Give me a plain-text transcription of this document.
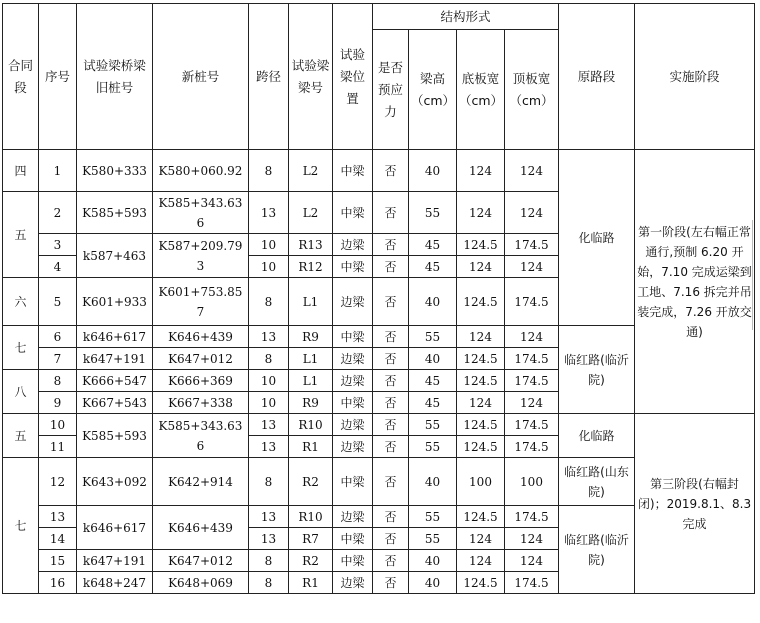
合同段	序号	试验梁桥梁旧桩号	新桩号	跨径	试验梁梁号	试验梁位置	结构形式				原路段	实施阶段
							是否预应力	梁高（cm）	底板宽（cm）	顶板宽（cm）		
四	1	K580+333	K580+060.92	8	L2	中梁	否	40	124	124	化临路	第一阶段(左右幅正常通行,预制 6.20 开始，7.10 完成运梁到工地、7.16 拆完并吊装完成，7.26 开放交通)
五	2	K585+593	K585+343.636	13	L2	中梁	否	55	124	124		
	3	k587+463	K587+209.793	10	R13	边梁	否	45	124.5	174.5		
	4			10	R12	中梁	否	45	124	124		
六	5	K601+933	K601+753.857	8	L1	边梁	否	40	124.5	174.5		
七	6	k646+617	K646+439	13	R9	中梁	否	55	124	124	临红路(临沂院)	
	7	k647+191	K647+012	8	L1	边梁	否	40	124.5	174.5		
八	8	K666+547	K666+369	10	L1	边梁	否	45	124.5	174.5		
	9	K667+543	K667+338	10	R9	中梁	否	45	124	124		
五	10	K585+593	K585+343.636	13	R10	边梁	否	55	124.5	174.5	化临路	第三阶段(右幅封闭)；2019.8.1、8.3 完成
	11			13	R1	边梁	否	55	124.5	174.5		
七	12	K643+092	K642+914	8	R2	中梁	否	40	100	100	临红路(山东院)	
	13	k646+617	K646+439	13	R10	边梁	否	55	124.5	174.5	临红路(临沂院)	
	14			13	R7	中梁	否	55	124	124		
	15	k647+191	K647+012	8	R2	中梁	否	40	124	124		
	16	k648+247	K648+069	8	R1	边梁	否	40	124.5	174.5		
